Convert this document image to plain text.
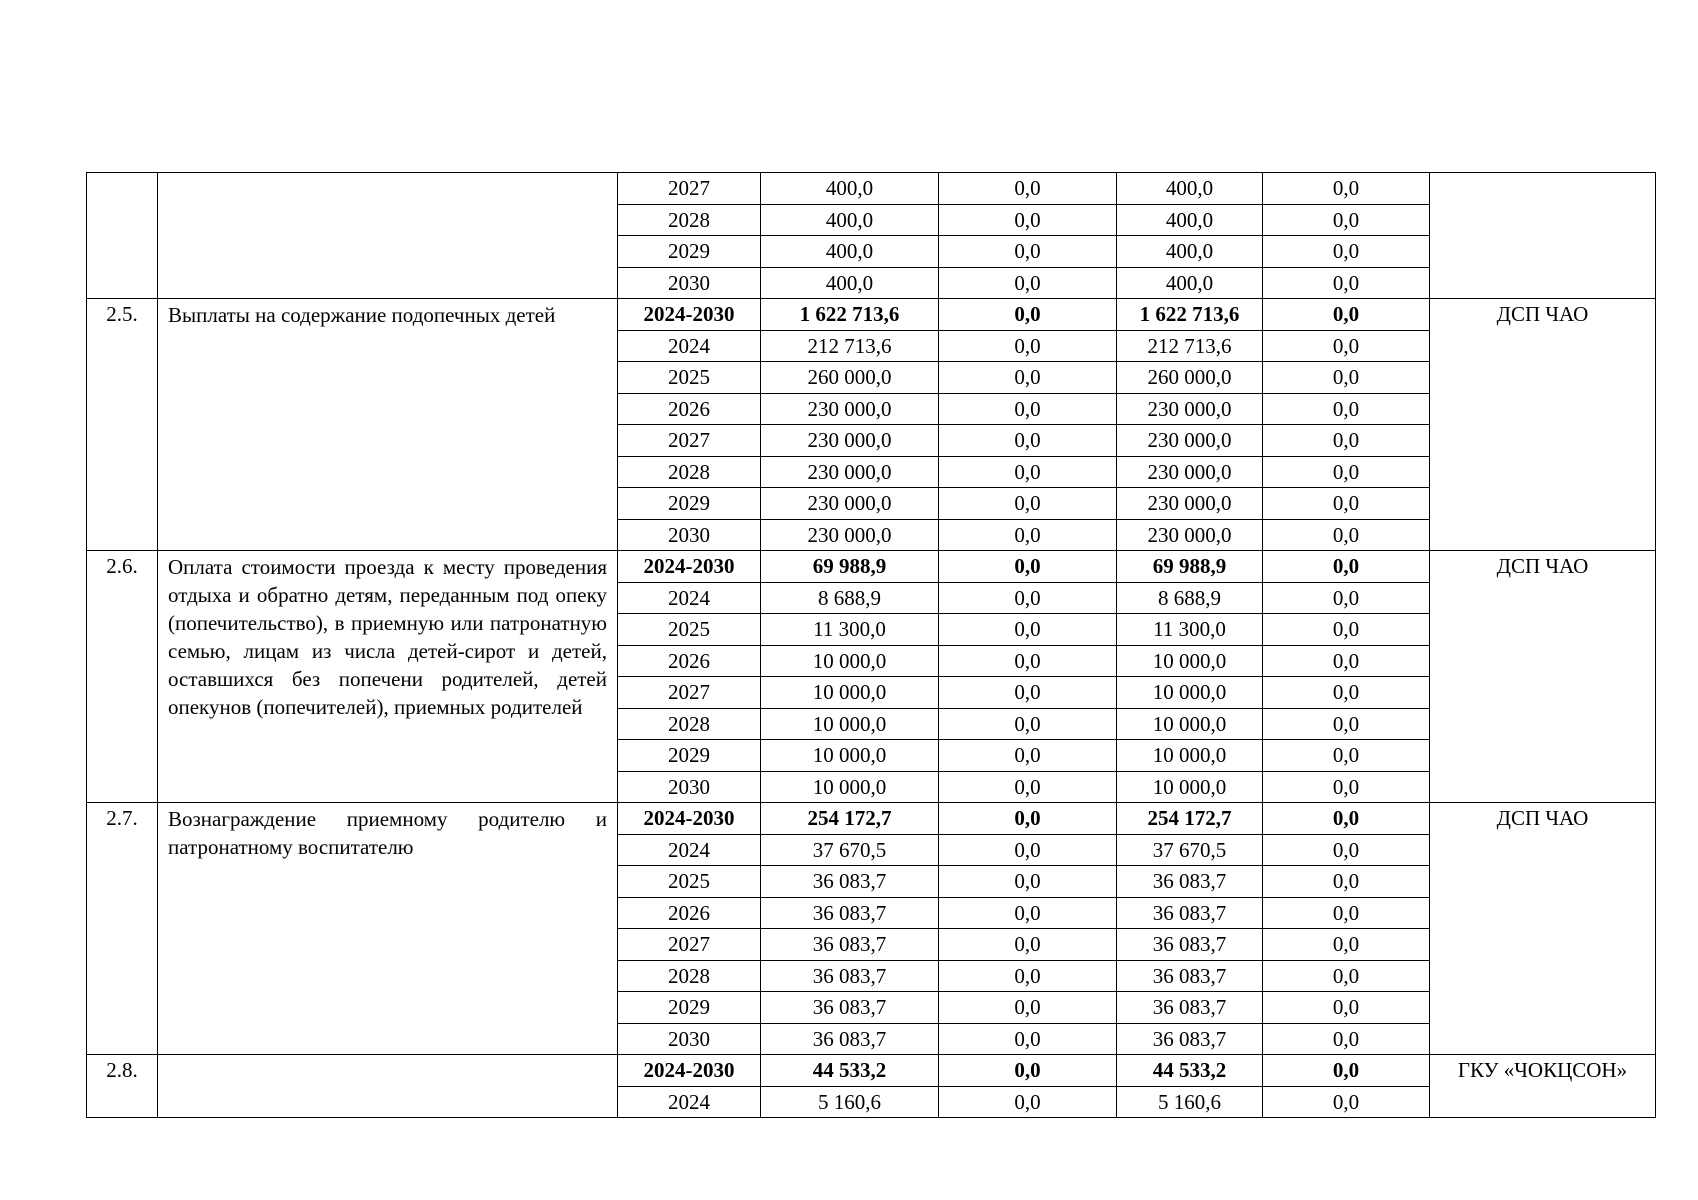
		2027	400,0	0,0	400,0	0,0	
		2028	400,0	0,0	400,0	0,0	
		2029	400,0	0,0	400,0	0,0	
		2030	400,0	0,0	400,0	0,0	
2.5.	Выплаты на содержание подопечных детей	2024-2030	1 622 713,6	0,0	1 622 713,6	0,0	ДСП ЧАО
		2024	212 713,6	0,0	212 713,6	0,0	
		2025	260 000,0	0,0	260 000,0	0,0	
		2026	230 000,0	0,0	230 000,0	0,0	
		2027	230 000,0	0,0	230 000,0	0,0	
		2028	230 000,0	0,0	230 000,0	0,0	
		2029	230 000,0	0,0	230 000,0	0,0	
		2030	230 000,0	0,0	230 000,0	0,0	
2.6.	Оплата стоимости проезда к месту проведения отдыха и обратно детям, переданным под опеку (попечительство), в приемную или патронатную семью, лицам из числа детей-сирот и детей, оставшихся без попечени родителей, детей опекунов (попечителей), приемных родителей	2024-2030	69 988,9	0,0	69 988,9	0,0	ДСП ЧАО
		2024	8 688,9	0,0	8 688,9	0,0	
		2025	11 300,0	0,0	11 300,0	0,0	
		2026	10 000,0	0,0	10 000,0	0,0	
		2027	10 000,0	0,0	10 000,0	0,0	
		2028	10 000,0	0,0	10 000,0	0,0	
		2029	10 000,0	0,0	10 000,0	0,0	
		2030	10 000,0	0,0	10 000,0	0,0	
2.7.	Вознаграждение приемному родителю и патронатному воспитателю	2024-2030	254 172,7	0,0	254 172,7	0,0	ДСП ЧАО
		2024	37 670,5	0,0	37 670,5	0,0	
		2025	36 083,7	0,0	36 083,7	0,0	
		2026	36 083,7	0,0	36 083,7	0,0	
		2027	36 083,7	0,0	36 083,7	0,0	
		2028	36 083,7	0,0	36 083,7	0,0	
		2029	36 083,7	0,0	36 083,7	0,0	
		2030	36 083,7	0,0	36 083,7	0,0	
2.8.		2024-2030	44 533,2	0,0	44 533,2	0,0	ГКУ «ЧОКЦСОН»
		2024	5 160,6	0,0	5 160,6	0,0	
